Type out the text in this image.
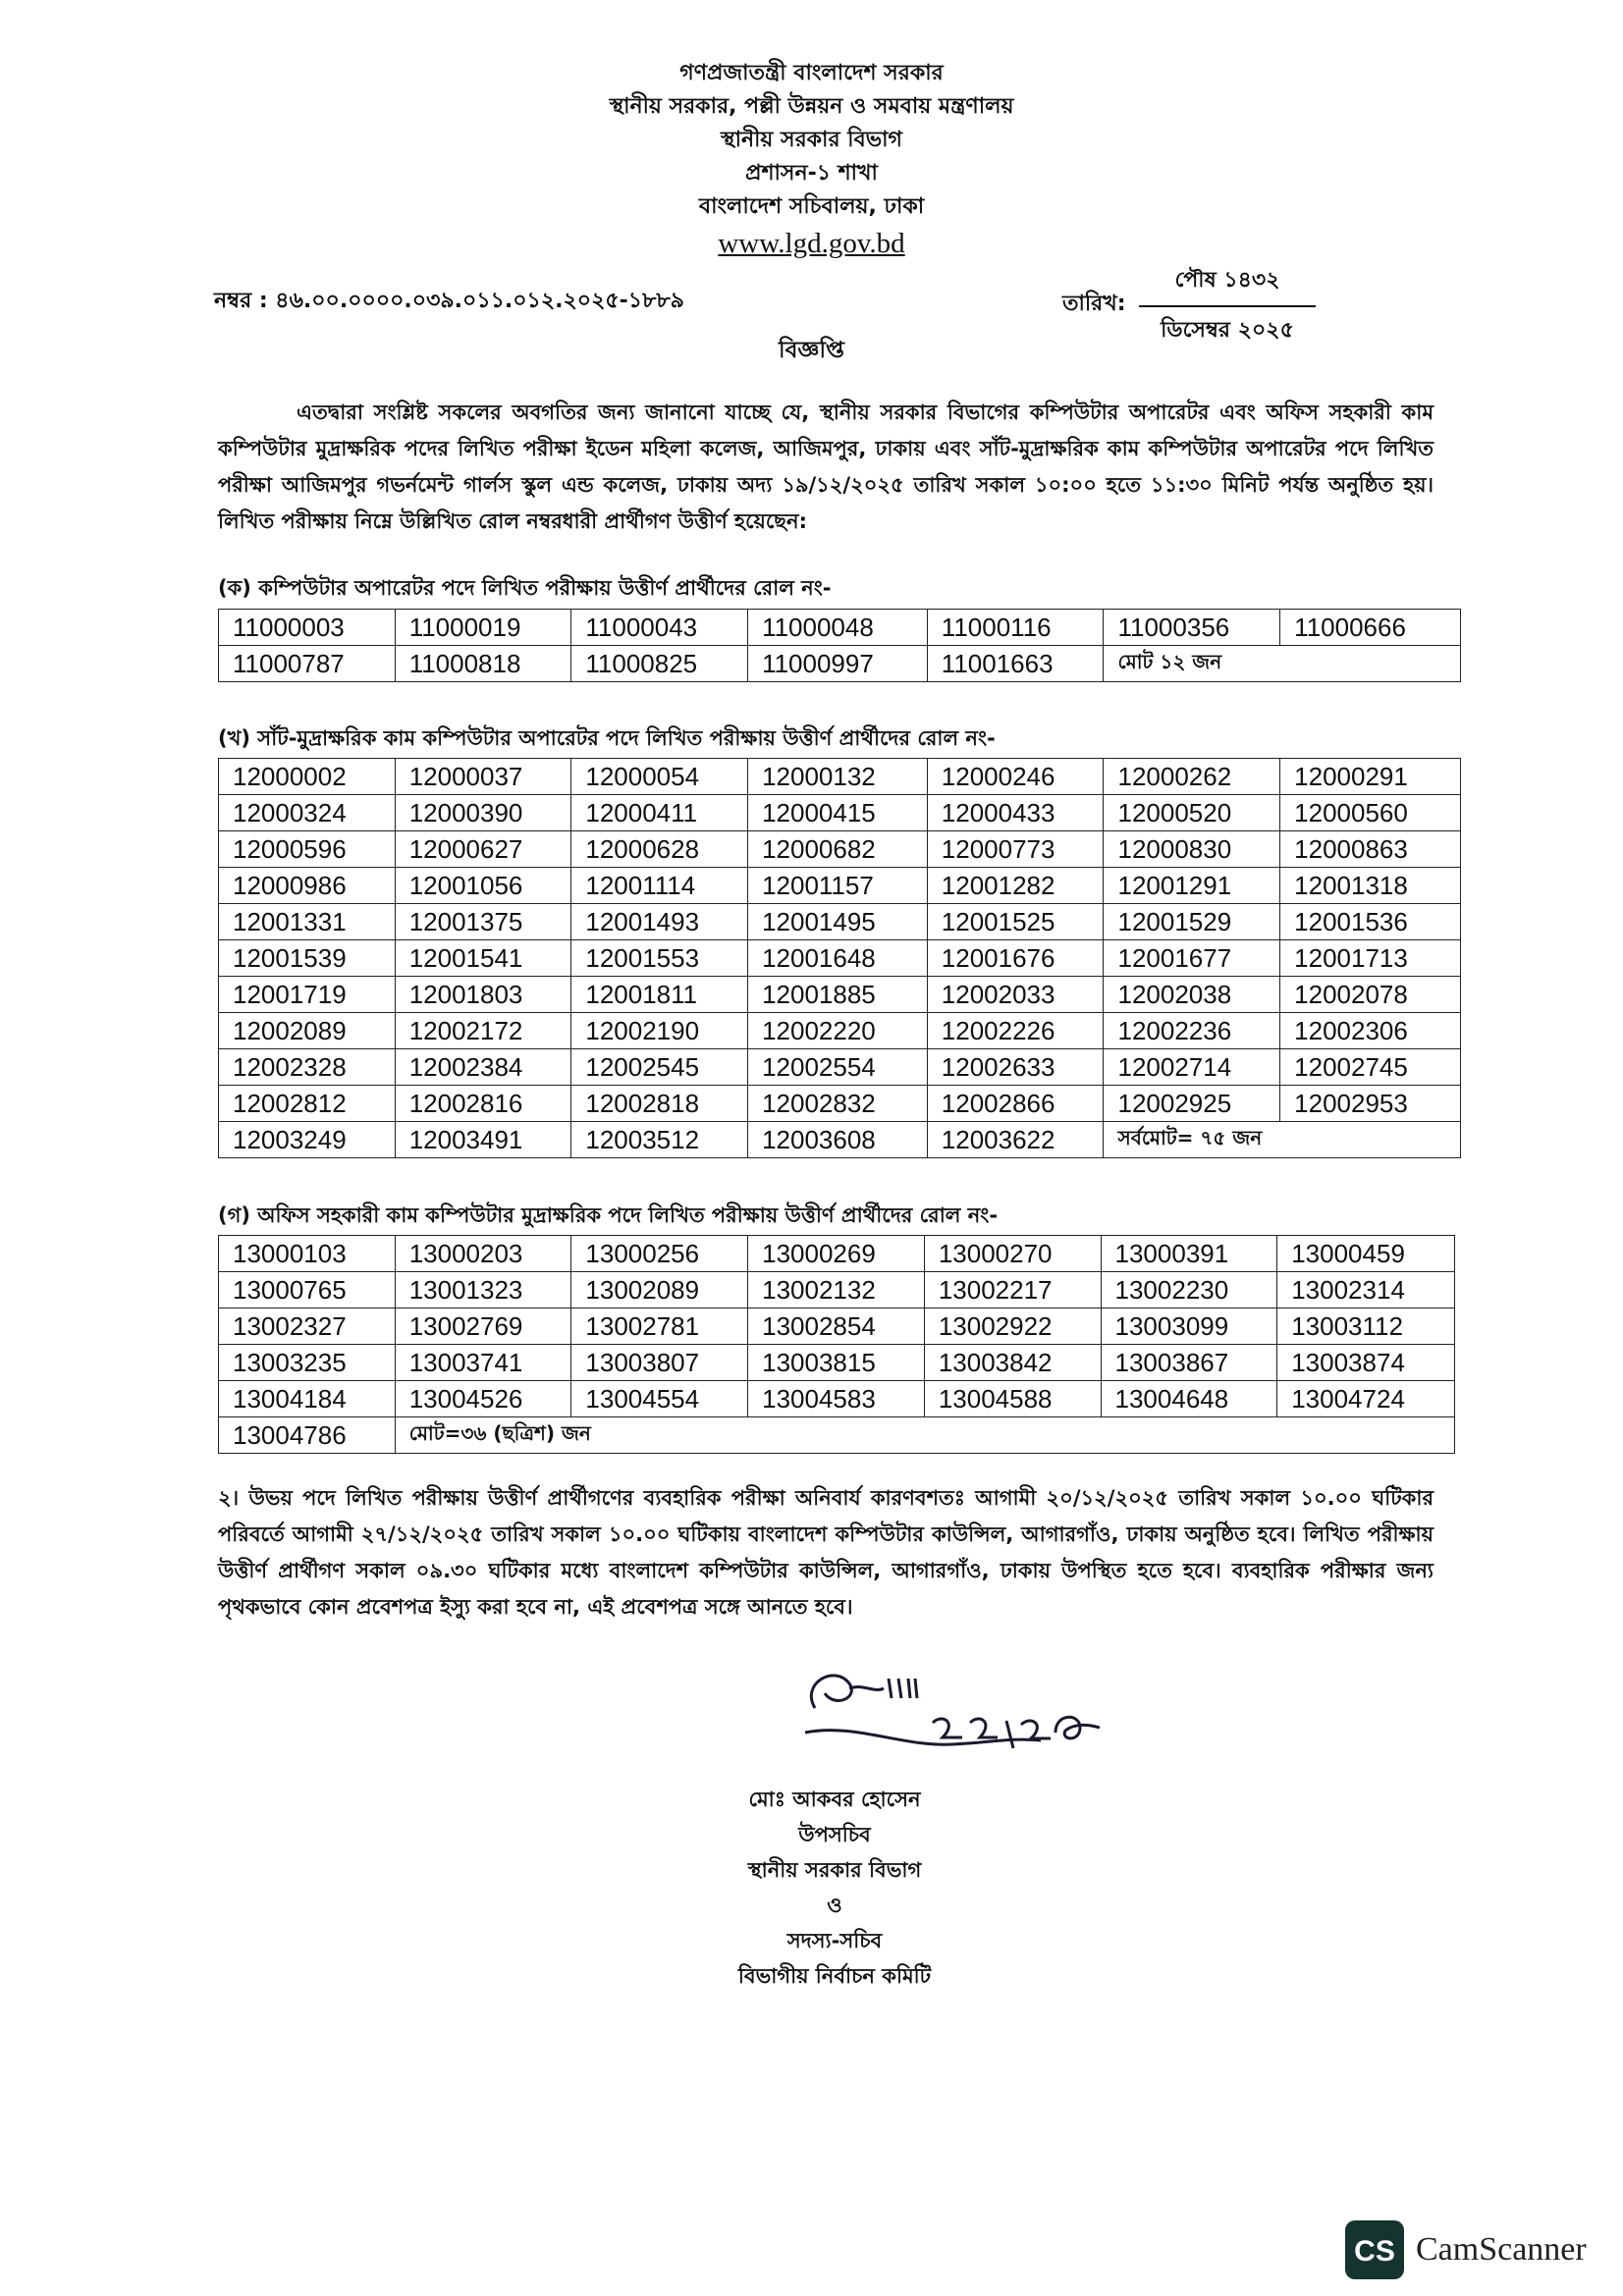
গণপ্রজাতন্ত্রী বাংলাদেশ সরকার
স্থানীয় সরকার, পল্লী উন্নয়ন ও সমবায় মন্ত্রণালয়
স্থানীয় সরকার বিভাগ
প্রশাসন-১ শাখা
বাংলাদেশ সচিবালয়, ঢাকা
www.lgd.gov.bd
নম্বর : ৪৬.০০.০০০০.০৩৯.০১১.০১২.২০২৫-১৮৮৯	তারিখ:
পৌষ ১৪৩২
ডিসেম্বর ২০২৫
বিজ্ঞপ্তি
এতদ্বারা সংশ্লিষ্ট সকলের অবগতির জন্য জানানো যাচ্ছে যে, স্থানীয় সরকার বিভাগের কম্পিউটার অপারেটর এবং অফিস সহকারী কাম কম্পিউটার মুদ্রাক্ষরিক পদের লিখিত পরীক্ষা ইডেন মহিলা কলেজ, আজিমপুর, ঢাকায় এবং সাঁট-মুদ্রাক্ষরিক কাম কম্পিউটার অপারেটর পদে লিখিত পরীক্ষা আজিমপুর গভর্নমেন্ট গার্লস স্কুল এন্ড কলেজ, ঢাকায় অদ্য ১৯/১২/২০২৫ তারিখ সকাল ১০:০০ হতে ১১:৩০ মিনিট পর্যন্ত অনুষ্ঠিত হয়। লিখিত পরীক্ষায় নিম্নে উল্লিখিত রোল নম্বরধারী প্রার্থীগণ উত্তীর্ণ হয়েছেন:
(ক) কম্পিউটার অপারেটর পদে লিখিত পরীক্ষায় উত্তীর্ণ প্রার্থীদের রোল নং-
11000003	11000019	11000043	11000048	11000116	11000356	11000666
11000787	11000818	11000825	11000997	11001663	মোট ১২ জন	
(খ) সাঁট-মুদ্রাক্ষরিক কাম কম্পিউটার অপারেটর পদে লিখিত পরীক্ষায় উত্তীর্ণ প্রার্থীদের রোল নং-
12000002	12000037	12000054	12000132	12000246	12000262	12000291
12000324	12000390	12000411	12000415	12000433	12000520	12000560
12000596	12000627	12000628	12000682	12000773	12000830	12000863
12000986	12001056	12001114	12001157	12001282	12001291	12001318
12001331	12001375	12001493	12001495	12001525	12001529	12001536
12001539	12001541	12001553	12001648	12001676	12001677	12001713
12001719	12001803	12001811	12001885	12002033	12002038	12002078
12002089	12002172	12002190	12002220	12002226	12002236	12002306
12002328	12002384	12002545	12002554	12002633	12002714	12002745
12002812	12002816	12002818	12002832	12002866	12002925	12002953
12003249	12003491	12003512	12003608	12003622	সর্বমোট= ৭৫ জন	
(গ) অফিস সহকারী কাম কম্পিউটার মুদ্রাক্ষরিক পদে লিখিত পরীক্ষায় উত্তীর্ণ প্রার্থীদের রোল নং-
13000103	13000203	13000256	13000269	13000270	13000391	13000459
13000765	13001323	13002089	13002132	13002217	13002230	13002314
13002327	13002769	13002781	13002854	13002922	13003099	13003112
13003235	13003741	13003807	13003815	13003842	13003867	13003874
13004184	13004526	13004554	13004583	13004588	13004648	13004724
13004786	মোট=৩৬ (ছত্রিশ) জন					
২। উভয় পদে লিখিত পরীক্ষায় উত্তীর্ণ প্রার্থীগণের ব্যবহারিক পরীক্ষা অনিবার্য কারণবশতঃ আগামী ২০/১২/২০২৫ তারিখ সকাল ১০.০০ ঘটিকার পরিবর্তে আগামী ২৭/১২/২০২৫ তারিখ সকাল ১০.০০ ঘটিকায় বাংলাদেশ কম্পিউটার কাউন্সিল, আগারগাঁও, ঢাকায় অনুষ্ঠিত হবে। লিখিত পরীক্ষায় উত্তীর্ণ প্রার্থীগণ সকাল ০৯.৩০ ঘটিকার মধ্যে বাংলাদেশ কম্পিউটার কাউন্সিল, আগারগাঁও, ঢাকায় উপস্থিত হতে হবে। ব্যবহারিক পরীক্ষার জন্য পৃথকভাবে কোন প্রবেশপত্র ইস্যু করা হবে না, এই প্রবেশপত্র সঙ্গে আনতে হবে।
মোঃ আকবর হোসেন
উপসচিব
স্থানীয় সরকার বিভাগ
ও
সদস্য-সচিব
বিভাগীয় নির্বাচন কমিটি
CS CamScanner
